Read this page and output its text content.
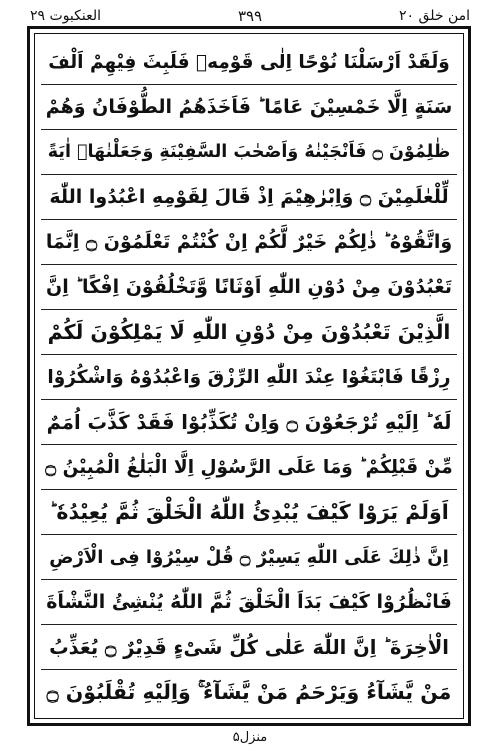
امن خلق ٢٠
٣٩٩
العنكبوت ٢٩
وَلَقَدْ اَرْسَلْنَا نُوْحًا اِلٰى قَوْمِهٖ فَلَبِثَ فِيْهِمْ اَلْفَ
سَنَةٍ اِلَّا خَمْسِيْنَ عَامًا ؕ فَاَخَذَهُمُ الطُّوْفَانُ وَهُمْ
ظٰلِمُوْنَ ۝ فَاَنْجَيْنٰهُ وَاَصْحٰبَ السَّفِيْنَةِ وَجَعَلْنٰهَاۤ اٰيَةً
لِّلْعٰلَمِيْنَ ۝ وَاِبْرٰهِيْمَ اِذْ قَالَ لِقَوْمِهِ اعْبُدُوا اللّٰهَ
وَاتَّقُوْهُ ؕ ذٰلِكُمْ خَيْرٌ لَّكُمْ اِنْ كُنْتُمْ تَعْلَمُوْنَ ۝ اِنَّمَا
تَعْبُدُوْنَ مِنْ دُوْنِ اللّٰهِ اَوْثَانًا وَّتَخْلُقُوْنَ اِفْكًا ؕ اِنَّ
الَّذِيْنَ تَعْبُدُوْنَ مِنْ دُوْنِ اللّٰهِ لَا يَمْلِكُوْنَ لَكُمْ
رِزْقًا فَابْتَغُوْا عِنْدَ اللّٰهِ الرِّزْقَ وَاعْبُدُوْهُ وَاشْكُرُوْا
لَهٗ ؕ اِلَيْهِ تُرْجَعُوْنَ ۝ وَاِنْ تُكَذِّبُوْا فَقَدْ كَذَّبَ اُمَمٌ
مِّنْ قَبْلِكُمْ ؕ وَمَا عَلَى الرَّسُوْلِ اِلَّا الْبَلٰغُ الْمُبِيْنُ ۝
اَوَلَمْ يَرَوْا كَيْفَ يُبْدِئُ اللّٰهُ الْخَلْقَ ثُمَّ يُعِيْدُهٗ ؕ
اِنَّ ذٰلِكَ عَلَى اللّٰهِ يَسِيْرٌ ۝ قُلْ سِيْرُوْا فِى الْاَرْضِ
فَانْظُرُوْا كَيْفَ بَدَاَ الْخَلْقَ ثُمَّ اللّٰهُ يُنْشِئُ النَّشْاَةَ
الْاٰخِرَةَ ؕ اِنَّ اللّٰهَ عَلٰى كُلِّ شَىْءٍ قَدِيْرٌ ۝ يُعَذِّبُ
مَنْ يَّشَآءُ وَيَرْحَمُ مَنْ يَّشَآءُ ۚ وَاِلَيْهِ تُقْلَبُوْنَ ۝
منزل۵
